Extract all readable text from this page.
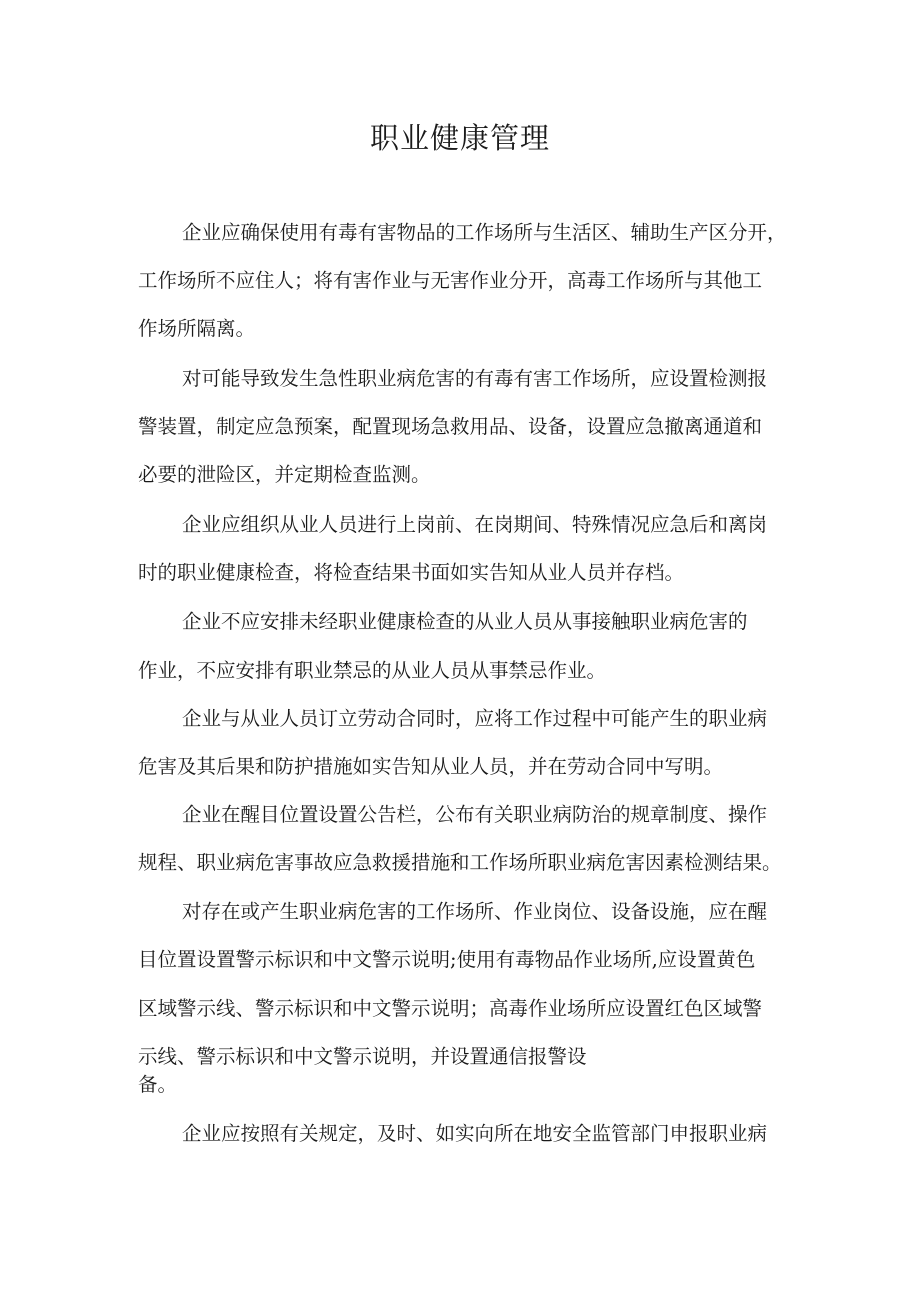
职业健康管理
企业应确保使用有毒有害物品的工作场所与生活区、辅助生产区分开，
工作场所不应住人；将有害作业与无害作业分开，高毒工作场所与其他工
作场所隔离。
对可能导致发生急性职业病危害的有毒有害工作场所，应设置检测报
警装置，制定应急预案，配置现场急救用品、设备，设置应急撤离通道和
必要的泄险区，并定期检查监测。
企业应组织从业人员进行上岗前、在岗期间、特殊情况应急后和离岗
时的职业健康检查，将检查结果书面如实告知从业人员并存档。
企业不应安排未经职业健康检查的从业人员从事接触职业病危害的
作业，不应安排有职业禁忌的从业人员从事禁忌作业。
企业与从业人员订立劳动合同时，应将工作过程中可能产生的职业病
危害及其后果和防护措施如实告知从业人员，并在劳动合同中写明。
企业在醒目位置设置公告栏，公布有关职业病防治的规章制度、操作
规程、职业病危害事故应急救援措施和工作场所职业病危害因素检测结果。
对存在或产生职业病危害的工作场所、作业岗位、设备设施，应在醒
目位置设置警示标识和中文警示说明;使用有毒物品作业场所,应设置黄色
区域警示线、警示标识和中文警示说明；高毒作业场所应设置红色区域警
示线、警示标识和中文警示说明，并设置通信报警设
备。
企业应按照有关规定，及时、如实向所在地安全监管部门申报职业病
